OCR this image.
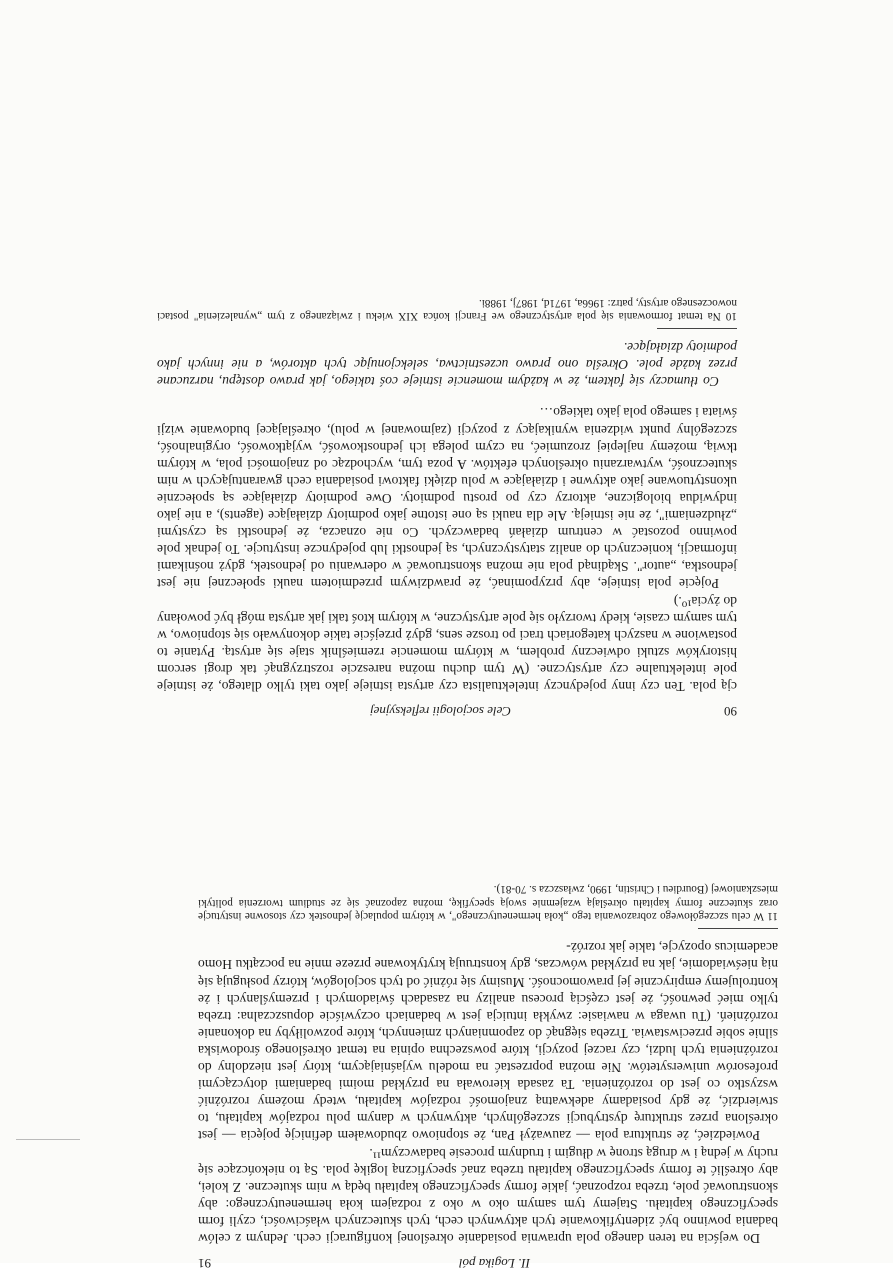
90
Cele socjologii refleksyjnej

cją pola. Ten czy inny pojedynczy intelektualista czy artysta istnieje jako taki tylko dlatego, że istnieje pole intelektualne czy artystyczne. (W tym duchu można nareszcie rozstrzygnąć tak drogi sercom historyków sztuki odwieczny problem, w którym momencie rzemieślnik staje się artystą. Pytanie to postawione w naszych kategoriach traci po trosze sens, gdyż przejście takie dokonywało się stopniowo, w tym samym czasie, kiedy tworzyło się pole artystyczne, w którym ktoś taki jak artysta mógł być powołany do życia¹⁰.)

Pojęcie pola istnieje, aby przypominać, że prawdziwym przedmiotem nauki społecznej nie jest jednostka, „autor". Skądinąd pola nie można skonstruować w oderwaniu od jednostek, gdyż nośnikami informacji, koniecznych do analiz statystycznych, są jednostki lub pojedyncze instytucje. To jednak pole powinno pozostać w centrum działań badawczych. Co nie oznacza, że jednostki są czystymi „złudzeniami", że nie istnieją. Ale dla nauki są one istotne jako podmioty działające (agents), a nie jako indywidua biologiczne, aktorzy czy po prostu podmioty. Owe podmioty działające są społecznie ukonstytuowane jako aktywne i działające w polu dzięki faktowi posiadania cech gwarantujących w nim skuteczność, wytwarzaniu określonych efektów. A poza tym, wychodząc od znajomości pola, w którym tkwią, możemy najlepiej zrozumieć, na czym polega ich jednostkowość, wyjątkowość, oryginalność, szczególny punkt widzenia wynikający z pozycji (zajmowanej w polu), określającej budowanie wizji świata i samego pola jako takiego…

Co tłumaczy się faktem, że w każdym momencie istnieje coś takiego, jak prawo dostępu, narzucane przez każde pole. Określa ono prawo uczestnictwa, selekcjonując tych aktorów, a nie innych jako podmioty działające.

10 Na temat formowania się pola artystycznego we Francji końca XIX wieku i związanego z tym „wynalezienia" postaci nowoczesnego artysty, patrz: 1966a, 1971d, 1987j, 1988i.
II. Logika pól
91

Do wejścia na teren danego pola uprawnia posiadanie określonej konfiguracji cech. Jednym z celów badania powinno być zidentyfikowanie tych aktywnych cech, tych skutecznych właściwości, czyli form specyficznego kapitału. Stajemy tym samym oko w oko z rodzajem koła hermeneutycznego: aby skonstruować pole, trzeba rozpoznać, jakie formy specyficznego kapitału będą w nim skuteczne. Z kolei, aby określić te formy specyficznego kapitału trzeba znać specyficzną logikę pola. Są to niekończące się ruchy w jedną i w drugą stronę w długim i trudnym procesie badawczym¹¹.

Powiedzieć, że struktura pola — zauważył Pan, że stopniowo zbudowałem definicję pojęcia — jest określona przez strukturę dystrybucji szczególnych, aktywnych w danym polu rodzajów kapitału, to stwierdzić, że gdy posiadamy adekwatną znajomość rodzajów kapitału, wtedy możemy rozróżnić wszystko co jest do rozróżnienia. Ta zasada kierowała na przykład moimi badaniami dotyczącymi profesorów uniwersytetów. Nie można poprzestać na modelu wyjaśniającym, który jest niezdolny do rozróżnienia tych ludzi, czy raczej pozycji, które powszechna opinia na temat określonego środowiska silnie sobie przeciwstawia. Trzeba sięgnąć do zapomnianych zmiennych, które pozwoliłyby na dokonanie rozróżnień. (Tu uwaga w nawiasie: zwykła intuicja jest w badaniach oczywiście dopuszczalna: trzeba tylko mieć pewność, że jest częścią procesu analizy na zasadach świadomych i przemyślanych i że kontrolujemy empirycznie jej prawomocność. Musimy się różnić od tych socjologów, którzy posługują się nią nieświadomie, jak na przykład wówczas, gdy konstruują krytykowane przeze mnie na początku Homo academicus opozycje, takie jak rozróż-

11 W celu szczegółowego zobrazowania tego „koła hermeneutycznego", w którym populację jednostek czy stosowne instytucje oraz skuteczne formy kapitału określają wzajemnie swoją specyfikę, można zapoznać się ze studium tworzenia polityki mieszkaniowej (Bourdieu i Christin, 1990, zwłaszcza s. 70-81).
